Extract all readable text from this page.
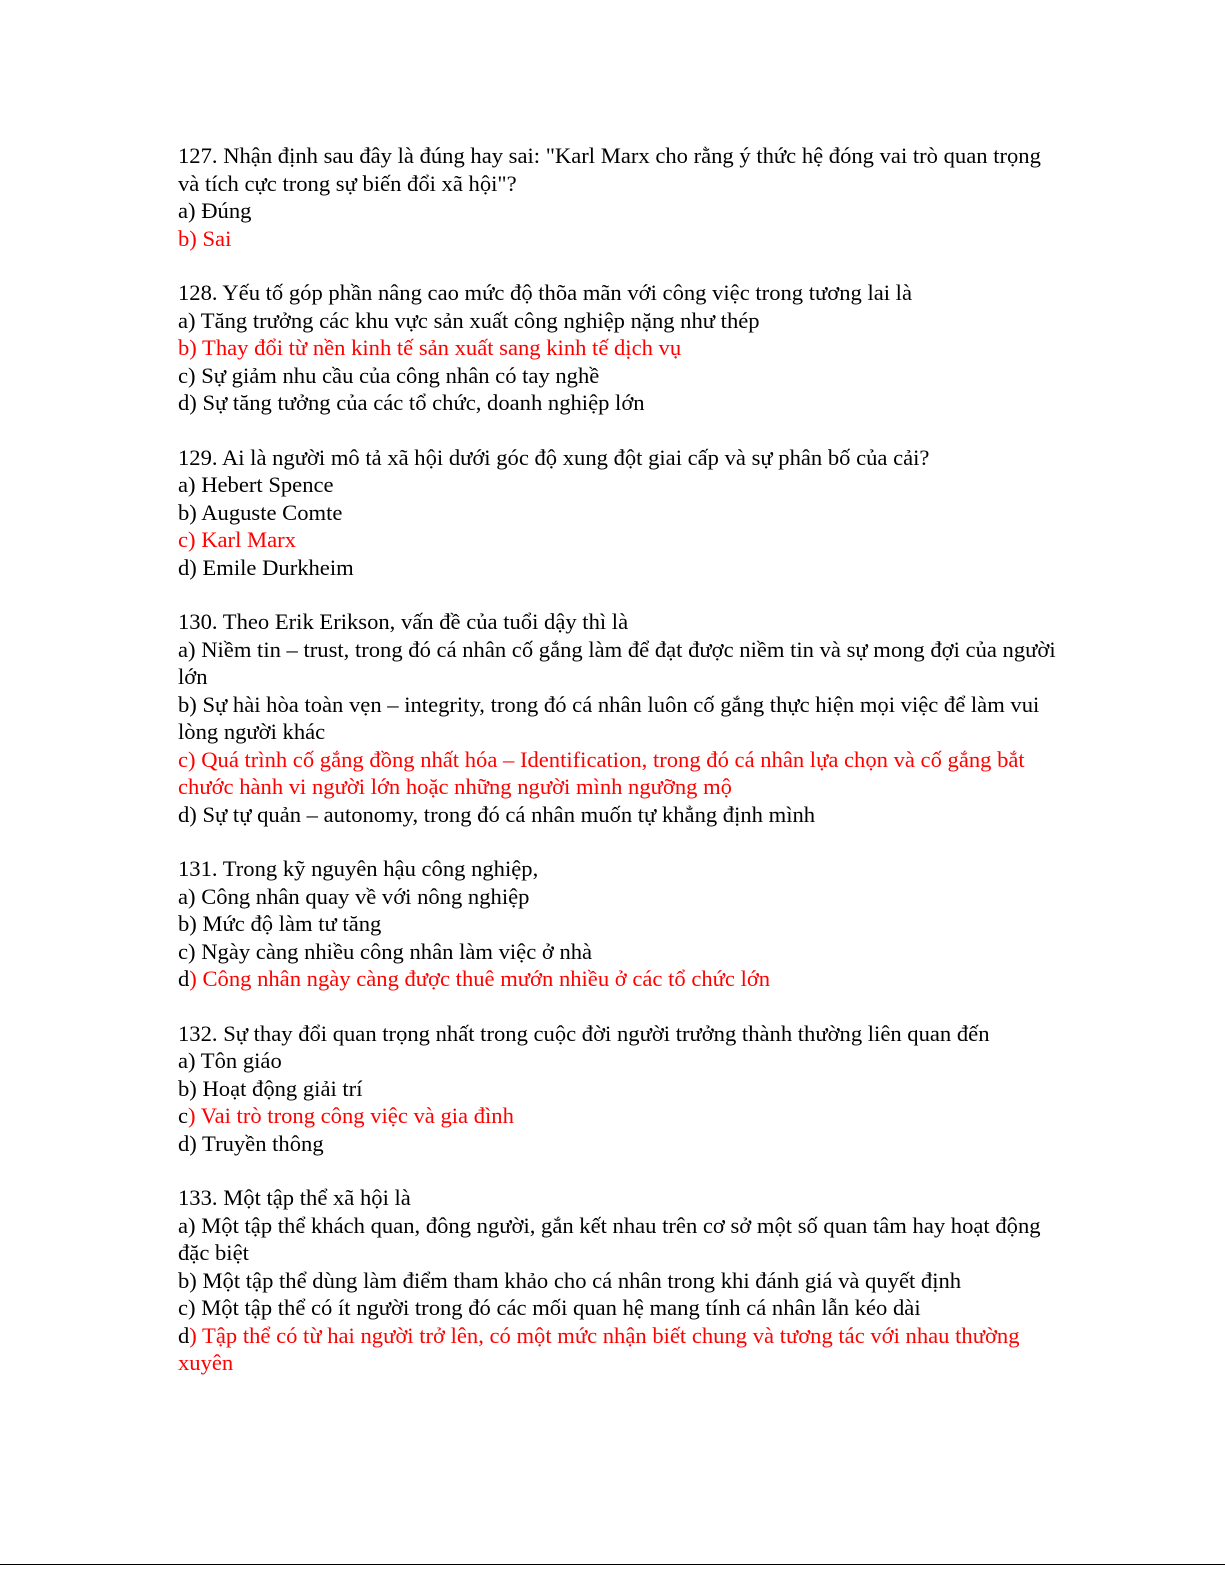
127. Nhận định sau đây là đúng hay sai: "Karl Marx cho rằng ý thức hệ đóng vai trò quan trọng và tích cực trong sự biến đổi xã hội"?
a) Đúng
b) Sai
128. Yếu tố góp phần nâng cao mức độ thõa mãn với công việc trong tương lai là
a) Tăng trưởng các khu vực sản xuất công nghiệp nặng như thép
b) Thay đổi từ nền kinh tế sản xuất sang kinh tế dịch vụ
c) Sự giảm nhu cầu của công nhân có tay nghề
d) Sự tăng tưởng của các tổ chức, doanh nghiệp lớn
129. Ai là người mô tả xã hội dưới góc độ xung đột giai cấp và sự phân bố của cải?
a) Hebert Spence
b) Auguste Comte
c) Karl Marx
d) Emile Durkheim
130. Theo Erik Erikson, vấn đề của tuổi dậy thì là
a) Niềm tin – trust, trong đó cá nhân cố gắng làm để đạt được niềm tin và sự mong đợi của người lớn
b) Sự hài hòa toàn vẹn – integrity, trong đó cá nhân luôn cố gắng thực hiện mọi việc để làm vui lòng người khác
c) Quá trình cố gắng đồng nhất hóa – Identification, trong đó cá nhân lựa chọn và cố gắng bắt chước hành vi người lớn hoặc những người mình ngưỡng mộ
d) Sự tự quản – autonomy, trong đó cá nhân muốn tự khẳng định mình
131. Trong kỹ nguyên hậu công nghiệp,
a) Công nhân quay về với nông nghiệp
b) Mức độ làm tư tăng
c) Ngày càng nhiều công nhân làm việc ở nhà
d) Công nhân ngày càng được thuê mướn nhiều ở các tổ chức lớn
132. Sự thay đổi quan trọng nhất trong cuộc đời người trưởng thành thường liên quan đến
a) Tôn giáo
b) Hoạt động giải trí
c) Vai trò trong công việc và gia đình
d) Truyền thông
133. Một tập thể xã hội là
a) Một tập thể khách quan, đông người, gắn kết nhau trên cơ sở một số quan tâm hay hoạt động đặc biệt
b) Một tập thể dùng làm điểm tham khảo cho cá nhân trong khi đánh giá và quyết định
c) Một tập thể có ít người trong đó các mối quan hệ mang tính cá nhân lẫn kéo dài
d) Tập thể có từ hai người trở lên, có một mức nhận biết chung và tương tác với nhau thường xuyên
